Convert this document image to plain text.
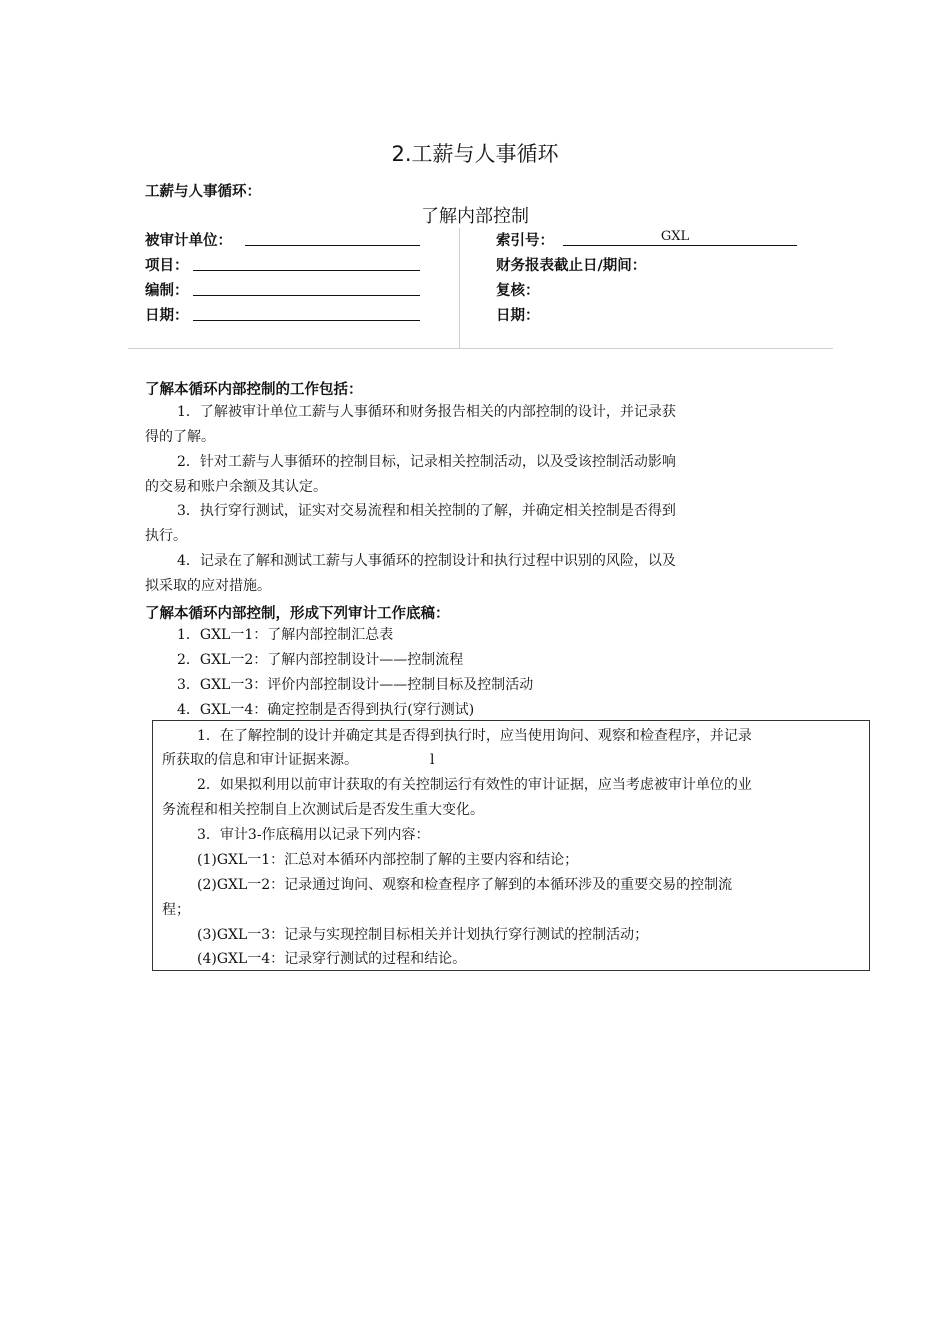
2.工薪与人事循环
工薪与人事循环：
了解内部控制
被审计单位：
项目：
编制：
日期：
索引号：	GXL
财务报表截止日/期间：
复核：
日期：
了解本循环内部控制的工作包括：
1．了解被审计单位工薪与人事循环和财务报告相关的内部控制的设计，并记录获
得的了解。
2．针对工薪与人事循环的控制目标，记录相关控制活动，以及受该控制活动影响
的交易和账户余额及其认定。
3．执行穿行测试，证实对交易流程和相关控制的了解，并确定相关控制是否得到
执行。
4．记录在了解和测试工薪与人事循环的控制设计和执行过程中识别的风险，以及
拟采取的应对措施。
了解本循环内部控制，形成下列审计工作底稿：
1．GXL一1：了解内部控制汇总表
2．GXL一2：了解内部控制设计——控制流程
3．GXL一3：评价内部控制设计——控制目标及控制活动
4．GXL一4：确定控制是否得到执行(穿行测试)
1．在了解控制的设计并确定其是否得到执行时，应当使用询问、观察和检查程序，并记录
所获取的信息和审计证据来源。	l
2．如果拟利用以前审计获取的有关控制运行有效性的审计证据，应当考虑被审计单位的业
务流程和相关控制自上次测试后是否发生重大变化。
3．审计3-作底稿用以记录下列内容：
(1)GXL一1：汇总对本循环内部控制了解的主要内容和结论；
(2)GXL一2：记录通过询问、观察和检查程序了解到的本循环涉及的重要交易的控制流
程；
(3)GXL一3：记录与实现控制目标相关并计划执行穿行测试的控制活动；
(4)GXL一4：记录穿行测试的过程和结论。
